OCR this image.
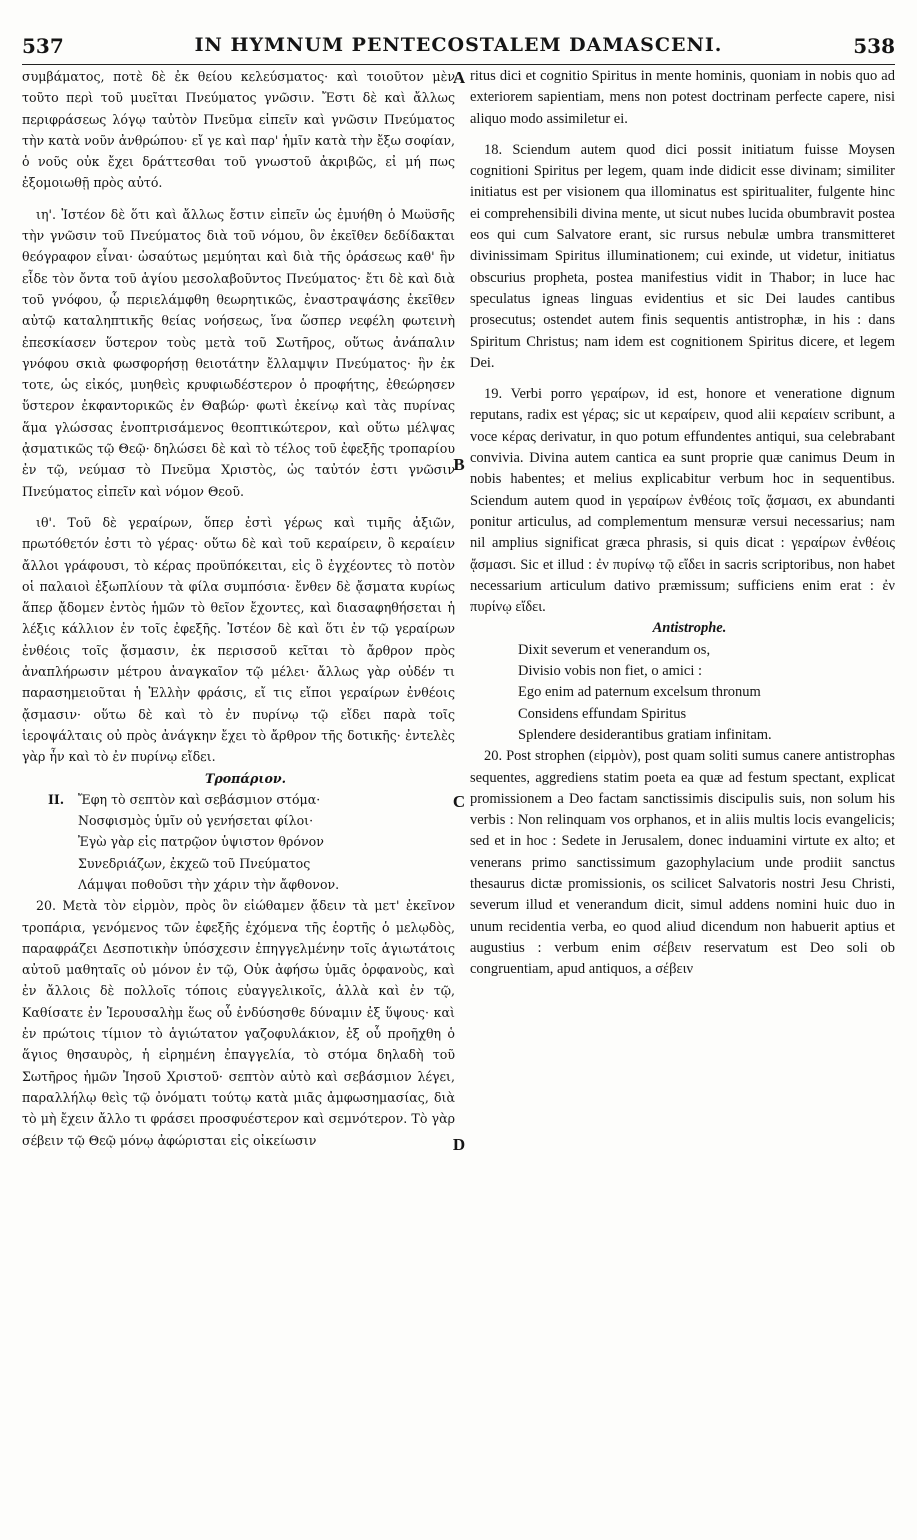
537	IN HYMNUM PENTECOSTALEM DAMASCENI.	538
A
B
C
D

συμβάματος, ποτὲ δὲ ἐκ θείου κελεύσματος· καὶ τοιοῦτον μὲν τοῦτο περὶ τοῦ μυεῖται Πνεύματος γνῶσιν. Ἔστι δὲ καὶ ἄλλως περιφράσεως λόγῳ ταὐτὸν Πνεῦμα εἰπεῖν καὶ γνῶσιν Πνεύματος τὴν κατὰ νοῦν ἀνθρώπου· εἴ γε καὶ παρ' ἡμῖν κατὰ τὴν ἔξω σοφίαν, ὁ νοῦς οὐκ ἔχει δράττεσθαι τοῦ γνωστοῦ ἀκριβῶς, εἰ μή πως ἐξομοιωθῇ πρὸς αὐτό.

ιη'. Ἰστέον δὲ ὅτι καὶ ἄλλως ἔστιν εἰπεῖν ὡς ἐμυήθη ὁ Μωϋσῆς τὴν γνῶσιν τοῦ Πνεύματος διὰ τοῦ νόμου, ὃν ἐκεῖθεν δεδίδακται θεόγραφον εἶναι· ὡσαύτως μεμύηται καὶ διὰ τῆς ὁράσεως καθ' ἣν εἶδε τὸν ὄντα τοῦ ἁγίου μεσολαβοῦντος Πνεύματος· ἔτι δὲ καὶ διὰ τοῦ γνόφου, ᾧ περιελάμφθη θεωρητικῶς, ἐναστραψάσης ἐκεῖθεν αὐτῷ καταληπτικῆς θείας νοήσεως, ἵνα ὥσπερ νεφέλη φωτεινὴ ἐπεσκίασεν ὕστερον τοὺς μετὰ τοῦ Σωτῆρος, οὕτως ἀνάπαλιν γνόφου σκιὰ φωσφορήσῃ θειοτάτην ἔλλαμψιν Πνεύματος· ἣν ἐκ τοτε, ὡς εἰκός, μυηθεὶς κρυφιωδέστερον ὁ προφήτης, ἐθεώρησεν ὕστερον ἐκφαντορικῶς ἐν Θαβώρ· φωτὶ ἐκείνῳ καὶ τὰς πυρίνας ἅμα γλώσσας ἐνοπτρισάμενος θεοπτικώτερον, καὶ οὕτω μέλψας ᾀσματικῶς τῷ Θεῷ· δηλώσει δὲ καὶ τὸ τέλος τοῦ ἐφεξῆς τροπαρίου ἐν τῷ, νεύμασ τὸ Πνεῦμα Χριστὸς, ὡς ταὐτόν ἐστι γνῶσιν Πνεύματος εἰπεῖν καὶ νόμον Θεοῦ.

ιθ'. Τοῦ δὲ γεραίρων, ὅπερ ἐστὶ γέρως καὶ τιμῆς ἀξιῶν, πρωτόθετόν ἐστι τὸ γέρας· οὕτω δὲ καὶ τοῦ κεραίρειν, ὃ κεραίειν ἄλλοι γράφουσι, τὸ κέρας προϋπόκειται, εἰς ὃ ἐγχέοντες τὸ ποτὸν οἱ παλαιοὶ ἐξωπλίουν τὰ φίλα συμπόσια· ἔνθεν δὲ ᾄσματα κυρίως ἅπερ ᾄδομεν ἐντὸς ἡμῶν τὸ θεῖον ἔχοντες, καὶ διασαφηθήσεται ἡ λέξις κάλλιον ἐν τοῖς ἐφεξῆς. Ἰστέον δὲ καὶ ὅτι ἐν τῷ γεραίρων ἐνθέοις τοῖς ᾄσμασιν, ἐκ περισσοῦ κεῖται τὸ ἄρθρον πρὸς ἀναπλήρωσιν μέτρου ἀναγκαῖον τῷ μέλει· ἄλλως γὰρ οὐδέν τι παρασημειοῦται ἡ Ἑλλὴν φράσις, εἴ τις εἴποι γεραίρων ἐνθέοις ᾄσμασιν· οὕτω δὲ καὶ τὸ ἐν πυρίνῳ τῷ εἴδει παρὰ τοῖς ἱεροψάλταις οὐ πρὸς ἀνάγκην ἔχει τὸ ἄρθρον τῆς δοτικῆς· ἐντελὲς γὰρ ἦν καὶ τὸ ἐν πυρίνῳ εἴδει.

Τροπάριον.

II. Ἔφη τὸ σεπτὸν καὶ σεβάσμιον στόμα·

Νοσφισμὸς ὑμῖν οὐ γενήσεται φίλοι·

Ἐγὼ γὰρ εἰς πατρῷον ὑψιστον θρόνον

Συνεδριάζων, ἐκχεῶ τοῦ Πνεύματος

Λάμψαι ποθοῦσι τὴν χάριν τὴν ἄφθονον.

20. Μετὰ τὸν εἱρμὸν, πρὸς ὃν εἰώθαμεν ᾄδειν τὰ μετ' ἐκεῖνον τροπάρια, γενόμενος τῶν ἐφεξῆς ἐχόμενα τῆς ἑορτῆς ὁ μελῳδὸς, παραφράζει Δεσποτικὴν ὑπόσχεσιν ἐπηγγελμένην τοῖς ἁγιωτάτοις αὐτοῦ μαθηταῖς οὐ μόνον ἐν τῷ, Οὐκ ἀφήσω ὑμᾶς ὀρφανοὺς, καὶ ἐν ἄλλοις δὲ πολλοῖς τόποις εὐαγγελικοῖς, ἀλλὰ καὶ ἐν τῷ, Καθίσατε ἐν Ἱερουσαλὴμ ἕως οὗ ἐνδύσησθε δύναμιν ἐξ ὕψους· καὶ ἐν πρώτοις τίμιον τὸ ἁγιώτατον γαζοφυλάκιον, ἐξ οὗ προῆχθη ὁ ἅγιος θησαυρὸς, ἡ εἰρημένη ἐπαγγελία, τὸ στόμα δηλαδὴ τοῦ Σωτῆρος ἡμῶν Ἰησοῦ Χριστοῦ· σεπτὸν αὐτὸ καὶ σεβάσμιον λέγει, παραλλήλῳ θεὶς τῷ ὀνόματι τούτῳ κατὰ μιᾶς ἀμφωσημασίας, διὰ τὸ μὴ ἔχειν ἄλλο τι φράσει προσφυέστερον καὶ σεμνότερον. Τὸ γὰρ σέβειν τῷ Θεῷ μόνῳ ἀφώρισται εἰς οἰκείωσιν

ritus dici et cognitio Spiritus in mente hominis, quoniam in nobis quo ad exteriorem sapientiam, mens non potest doctrinam perfecte capere, nisi aliquo modo assimiletur ei.

18. Sciendum autem quod dici possit initiatum fuisse Moysen cognitioni Spiritus per legem, quam inde didicit esse divinam; similiter initiatus est per visionem qua illominatus est spiritualiter, fulgente hinc ei comprehensibili divina mente, ut sicut nubes lucida obumbravit postea eos qui cum Salvatore erant, sic rursus nebulæ umbra transmitteret divinissimam Spiritus illuminationem; cui exinde, ut videtur, initiatus obscurius propheta, postea manifestius vidit in Thabor; in luce hac speculatus igneas linguas evidentius et sic Dei laudes cantibus prosecutus; ostendet autem finis sequentis antistrophæ, in his : dans Spiritum Christus; nam idem est cognitionem Spiritus dicere, et legem Dei.

19. Verbi porro γεραίρων, id est, honore et veneratione dignum reputans, radix est γέρας; sic ut κεραίρειν, quod alii κεραίειν scribunt, a voce κέρας derivatur, in quo potum effundentes antiqui, sua celebrabant convivia. Divina autem cantica ea sunt proprie quæ canimus Deum in nobis habentes; et melius explicabitur verbum hoc in sequentibus. Sciendum autem quod in γεραίρων ἐνθέοις τοῖς ᾄσμασι, ex abundanti ponitur articulus, ad complementum mensuræ versui necessarius; nam nil amplius significat græca phrasis, si quis dicat : γεραίρων ἐνθέοις ᾄσμασι. Sic et illud : ἐν πυρίνῳ τῷ εἴδει in sacris scriptoribus, non habet necessarium articulum dativo præmissum; sufficiens enim erat : ἐν πυρίνῳ εἴδει.

Antistrophe.

Dixit severum et venerandum os,

Divisio vobis non fiet, o amici :

Ego enim ad paternum excelsum thronum

Considens effundam Spiritus

Splendere desiderantibus gratiam infinitam.

20. Post strophen (εἱρμὸν), post quam soliti sumus canere antistrophas sequentes, aggrediens statim poeta ea quæ ad festum spectant, explicat promissionem a Deo factam sanctissimis discipulis suis, non solum his verbis : Non relinquam vos orphanos, et in aliis multis locis evangelicis; sed et in hoc : Sedete in Jerusalem, donec induamini virtute ex alto; et venerans primo sanctissimum gazophylacium unde prodiit sanctus thesaurus dictæ promissionis, os scilicet Salvatoris nostri Jesu Christi, severum illud et venerandum dicit, simul addens nomini huic duo in unum recidentia verba, eo quod aliud dicendum non habuerit aptius et augustius : verbum enim σέβειν reservatum est Deo soli ob congruentiam, apud antiquos, a σέβειν
